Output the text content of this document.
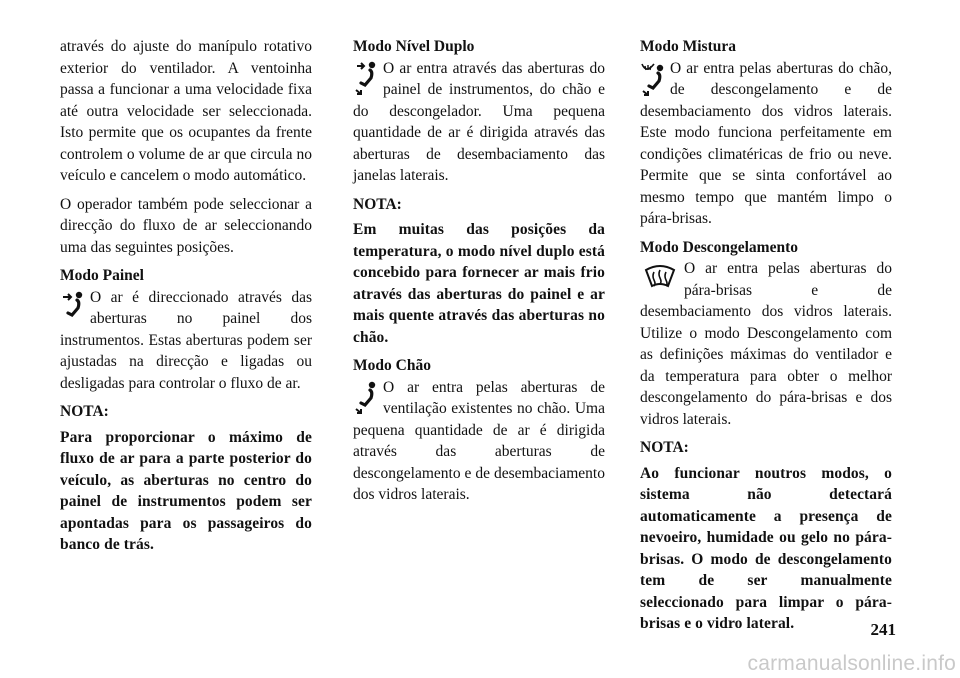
através do ajuste do manípulo rotativo exterior do ventilador. A ventoinha passa a funcionar a uma velocidade fixa até outra velocidade ser seleccionada. Isto permite que os ocupantes da frente controlem o volume de ar que circula no veículo e cancelem o modo automático.

O operador também pode seleccionar a direcção do fluxo de ar seleccionando uma das seguintes posições.

Modo Painel
O ar é direccionado através das aberturas no painel dos instrumentos. Estas aberturas podem ser ajustadas na direcção e ligadas ou desligadas para controlar o fluxo de ar.
NOTA:
Para proporcionar o máximo de fluxo de ar para a parte posterior do veículo, as aberturas no centro do painel de instrumentos podem ser apontadas para os passageiros do banco de trás.
Modo Nível Duplo
O ar entra através das aberturas do painel de instrumentos, do chão e do descongelador. Uma pequena quantidade de ar é dirigida através das aberturas de desembaciamento das janelas laterais.
NOTA:
Em muitas das posições da temperatura, o modo nível duplo está concebido para fornecer ar mais frio através das aberturas do painel e ar mais quente através das aberturas no chão.
Modo Chão
O ar entra pelas aberturas de ventilação existentes no chão. Uma pequena quantidade de ar é dirigida através das aberturas de descongelamento e de desembaciamento dos vidros laterais.
Modo Mistura
O ar entra pelas aberturas do chão, de descongelamento e de desembaciamento dos vidros laterais. Este modo funciona perfeitamente em condições climatéricas de frio ou neve. Permite que se sinta confortável ao mesmo tempo que mantém limpo o pára-brisas.
Modo Descongelamento
O ar entra pelas aberturas do pára-brisas e de desembaciamento dos vidros laterais. Utilize o modo Descongelamento com as definições máximas do ventilador e da temperatura para obter o melhor descongelamento do pára-brisas e dos vidros laterais.
NOTA:
Ao funcionar noutros modos, o sistema não detectará automaticamente a presença de nevoeiro, humidade ou gelo no pára-brisas. O modo de descongelamento tem de ser manualmente seleccionado para limpar o pára-brisas e o vidro lateral.	241
carmanualsonline.info
